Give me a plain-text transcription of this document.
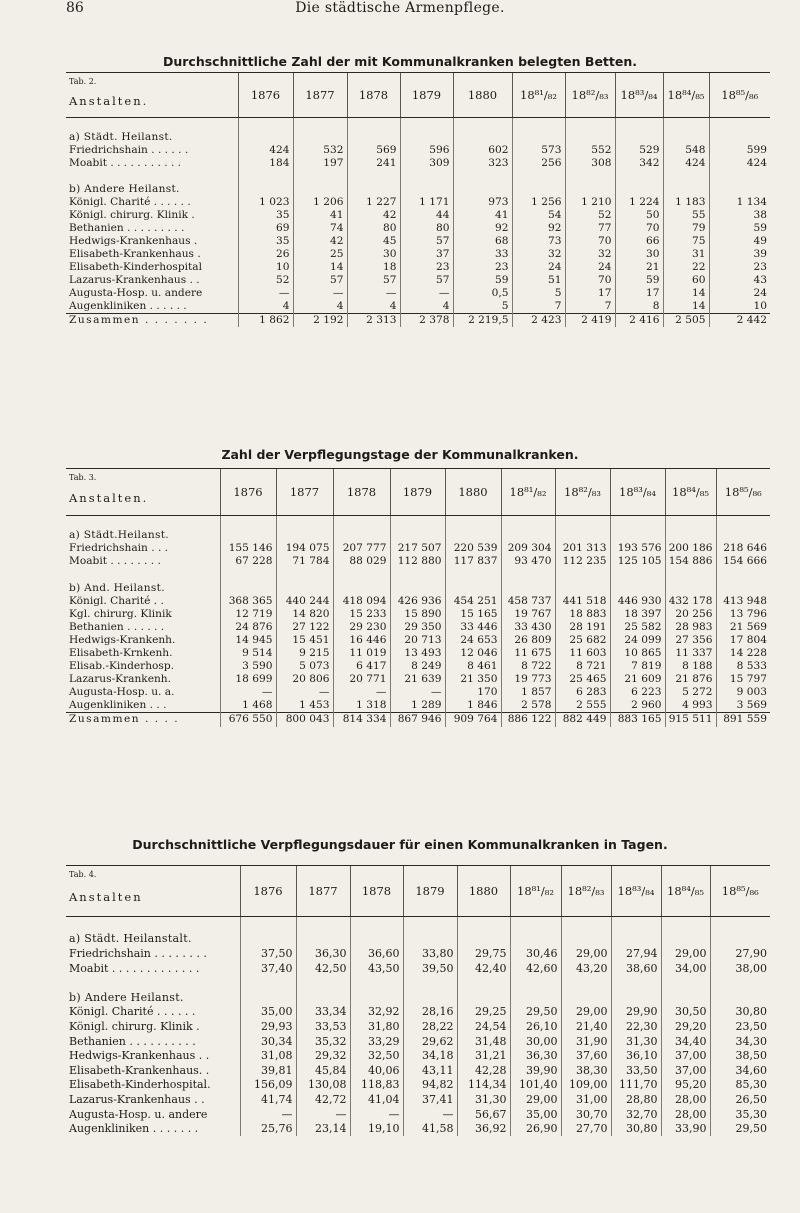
86	Die städtische Armenpflege.
Durchschnittliche Zahl der mit Kommunalkranken belegten Betten.
Tab. 2.
Anstalten.	1876	1877	1878	1879	1880	18⁸¹/₈₂	18⁸²/₈₃	18⁸³/₈₄	18⁸⁴/₈₅	18⁸⁵/₈₆

a) Städt. Heilanst.										
Friedrichshain . . . . . .	424	532	569	596	602	573	552	529	548	599
Moabit . . . . . . . . . . .	184	197	241	309	323	256	308	342	424	424

b) Andere Heilanst.										
Königl. Charité . . . . . .	1 023	1 206	1 227	1 171	973	1 256	1 210	1 224	1 183	1 134
Königl. chirurg. Klinik .	35	41	42	44	41	54	52	50	55	38
Bethanien . . . . . . . . .	69	74	80	80	92	92	77	70	79	59
Hedwigs-Krankenhaus .	35	42	45	57	68	73	70	66	75	49
Elisabeth-Krankenhaus .	26	25	30	37	33	32	32	30	31	39
Elisabeth-Kinderhospital	10	14	18	23	23	24	24	21	22	23
Lazarus-Krankenhaus . .	52	57	57	57	59	51	70	59	60	43
Augusta-Hosp. u. andere	—	—	—	—	0,5	5	17	17	14	24
Augenkliniken . . . . . .	4	4	4	4	5	7	7	8	14	10
Zusammen . . . . . . .	1 862	2 192	2 313	2 378	2 219,5	2 423	2 419	2 416	2 505	2 442
Zahl der Verpflegungstage der Kommunalkranken.
Tab. 3.
Anstalten.	1876	1877	1878	1879	1880	18⁸¹/₈₂	18⁸²/₈₃	18⁸³/₈₄	18⁸⁴/₈₅	18⁸⁵/₈₆

a) Städt.Heilanst.										
Friedrichshain . . .	155 146	194 075	207 777	217 507	220 539	209 304	201 313	193 576	200 186	218 646
Moabit . . . . . . . .	67 228	71 784	88 029	112 880	117 837	93 470	112 235	125 105	154 886	154 666

b) And. Heilanst.										
Königl. Charité . .	368 365	440 244	418 094	426 936	454 251	458 737	441 518	446 930	432 178	413 948
Kgl. chirurg. Klinik	12 719	14 820	15 233	15 890	15 165	19 767	18 883	18 397	20 256	13 796
Bethanien . . . . . .	24 876	27 122	29 230	29 350	33 446	33 430	28 191	25 582	28 983	21 569
Hedwigs-Krankenh.	14 945	15 451	16 446	20 713	24 653	26 809	25 682	24 099	27 356	17 804
Elisabeth-Krnkenh.	9 514	9 215	11 019	13 493	12 046	11 675	11 603	10 865	11 337	14 228
Elisab.-Kinderhosp.	3 590	5 073	6 417	8 249	8 461	8 722	8 721	7 819	8 188	8 533
Lazarus-Krankenh.	18 699	20 806	20 771	21 639	21 350	19 773	25 465	21 609	21 876	15 797
Augusta-Hosp. u. a.	—	—	—	—	170	1 857	6 283	6 223	5 272	9 003
Augenkliniken . . .	1 468	1 453	1 318	1 289	1 846	2 578	2 555	2 960	4 993	3 569
Zusammen . . . .	676 550	800 043	814 334	867 946	909 764	886 122	882 449	883 165	915 511	891 559
Durchschnittliche Verpflegungsdauer für einen Kommunalkranken in Tagen.
Tab. 4.
Anstalten	1876	1877	1878	1879	1880	18⁸¹/₈₂	18⁸²/₈₃	18⁸³/₈₄	18⁸⁴/₈₅	18⁸⁵/₈₆

a) Städt. Heilanstalt.										
Friedrichshain . . . . . . . .	37,50	36,30	36,60	33,80	29,75	30,46	29,00	27,94	29,00	27,90
Moabit . . . . . . . . . . . . .	37,40	42,50	43,50	39,50	42,40	42,60	43,20	38,60	34,00	38,00

b) Andere Heilanst.										
Königl. Charité . . . . . .	35,00	33,34	32,92	28,16	29,25	29,50	29,00	29,90	30,50	30,80
Königl. chirurg. Klinik .	29,93	33,53	31,80	28,22	24,54	26,10	21,40	22,30	29,20	23,50
Bethanien . . . . . . . . . .	30,34	35,32	33,29	29,62	31,48	30,00	31,90	31,30	34,40	34,30
Hedwigs-Krankenhaus . .	31,08	29,32	32,50	34,18	31,21	36,30	37,60	36,10	37,00	38,50
Elisabeth-Krankenhaus. .	39,81	45,84	40,06	43,11	42,28	39,90	38,30	33,50	37,00	34,60
Elisabeth-Kinderhospital.	156,09	130,08	118,83	94,82	114,34	101,40	109,00	111,70	95,20	85,30
Lazarus-Krankenhaus . .	41,74	42,72	41,04	37,41	31,30	29,00	31,00	28,80	28,00	26,50
Augusta-Hosp. u. andere	—	—	—	—	56,67	35,00	30,70	32,70	28,00	35,30
Augenkliniken . . . . . . .	25,76	23,14	19,10	41,58	36,92	26,90	27,70	30,80	33,90	29,50
